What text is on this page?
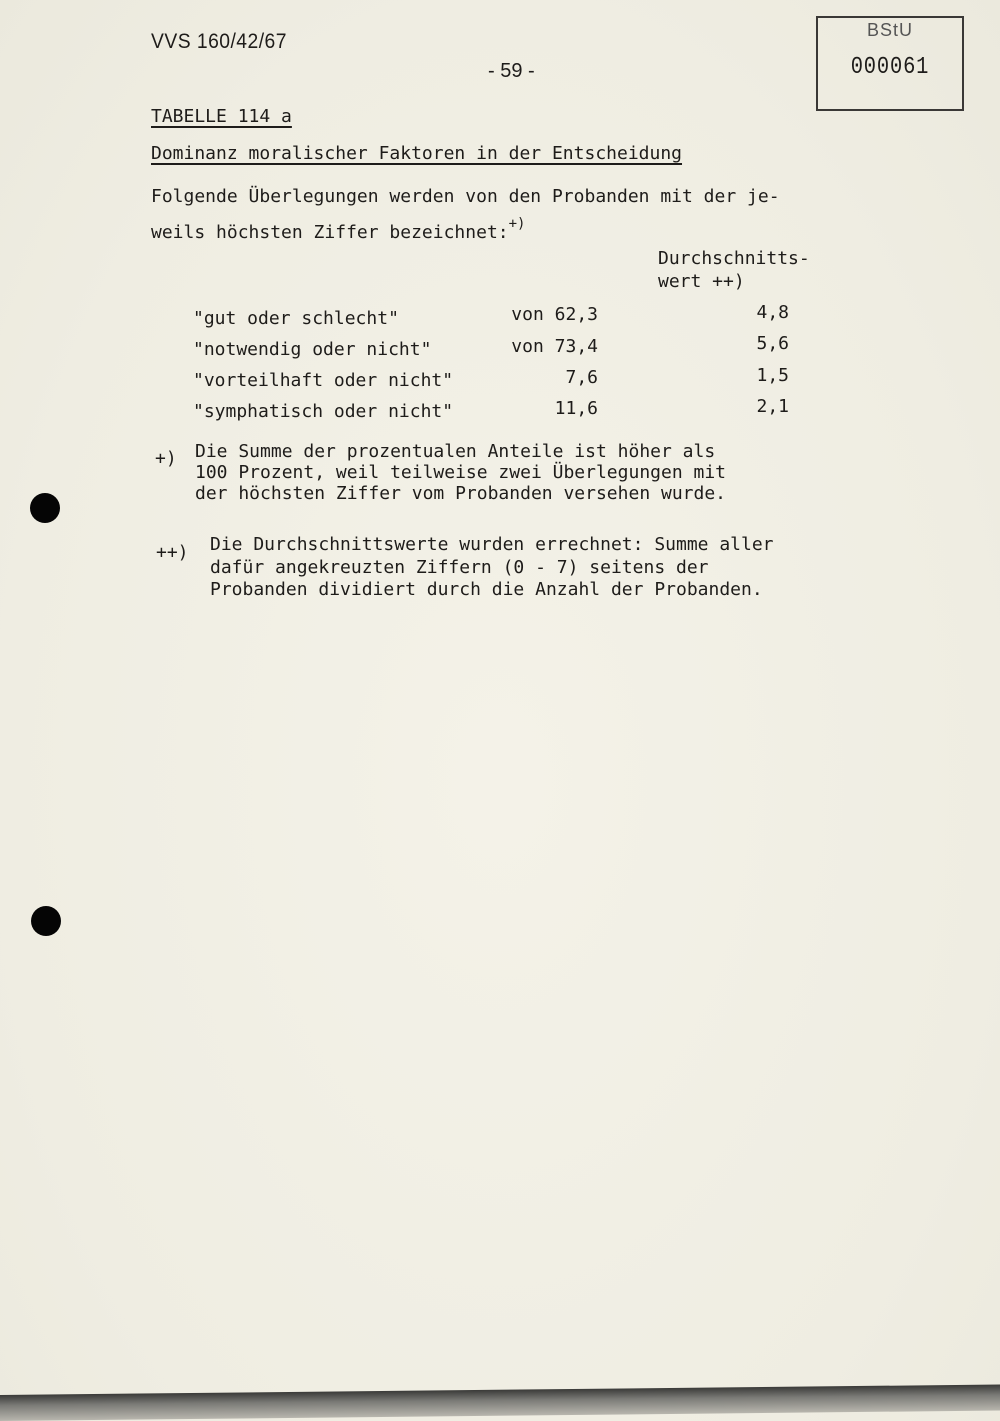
VVS 160/42/67
- 59 -
BStU
000061
TABELLE 114 a
Dominanz moralischer Faktoren in der Entscheidung
Folgende Überlegungen werden von den Probanden mit der je-
weils höchsten Ziffer bezeichnet:+)
Durchschnitts-
wert ++)
"gut oder schlecht"	von 62,3	4,8
"notwendig oder nicht"	von 73,4	5,6
"vorteilhaft oder nicht"	7,6	1,5
"symphatisch oder nicht"	11,6	2,1
+) Die Summe der prozentualen Anteile ist höher als
100 Prozent, weil teilweise zwei Überlegungen mit
der höchsten Ziffer vom Probanden versehen wurde.
++) Die Durchschnittswerte wurden errechnet: Summe aller
dafür angekreuzten Ziffern (0 - 7) seitens der
Probanden dividiert durch die Anzahl der Probanden.
